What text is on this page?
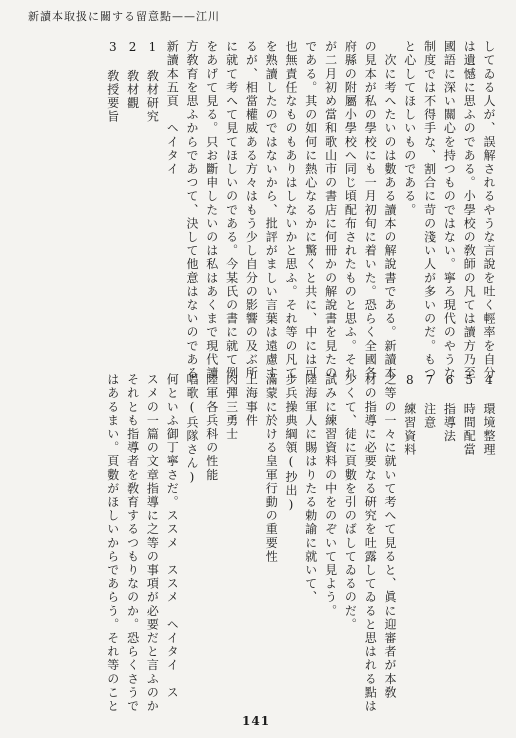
新讀本取扱に關する留意點——江川
してゐる人が、誤解されるやうな言說を吐く輕率を自分
は遺憾に思ふのである。小學校の敎師の凡ては讀方乃至
國語に深い關心を持つものではない。寧ろ現代のやうな
制度では不得手な、割合に苛の淺い人が多いのだ。もつ
と心してほしいものである。
　次に考へたいのは數ある讀本の解說書である。新讀本
の見本が私の學校にも一月初旬に着いた。恐らく全國各
府縣の附屬小學校へ同じ頃配布されたものと思ふ。それ
が二月初め當和歌山市の書店に何冊かの解說書を見たの
である。其の如何に熱心なるかに驚くと共に、中には可
也無責任なものもありはしないかと思ふ。それ等の凡て
を熟讀したのではないから、批評がましい言葉は遠慮す
るが、相當權威ある方々はもう少し自分の影響の及ぶ所
に就て考へて見てほしいのである。今某氏の書に就て例
をあげて見る。只お斷申したいのは私はあくまで現代讀
方敎育を思ふからであつて、決して他意はないのである。
新讀本五頁　ヘイタイ
1　敎材研究
2　敎材觀
3　敎授要旨
4　環境整理
5　時間配當
6　指導法
7　注意
8　練習資料
之等の一々に就いて考へて見ると、眞に迎審者が本敎
材の指導に必要なる硏究を吐露してゐると思はれる點は
少くて、徒に頁數を引のばしてゐるのだ。
試みに練習資料の中をのぞいて見よう。
陸海軍人に賜はりたる勅諭に就いて、
步兵操典綱領(抄出)
滿蒙に於ける皇軍行動の重要性
上海事件
肉彈三勇士
陸軍各兵科の性能
唱歌(兵隊さん)
何といふ御丁寧さだ。ススメ　ススメ　ヘイタイ　ス
スメの一篇の文章指導に之等の事項が必要だと言ふのか
それとも指導者を敎育するつもりなのか。恐らくさうで
はあるまい。頁數がほしいからであらう。それ等のこと
141
